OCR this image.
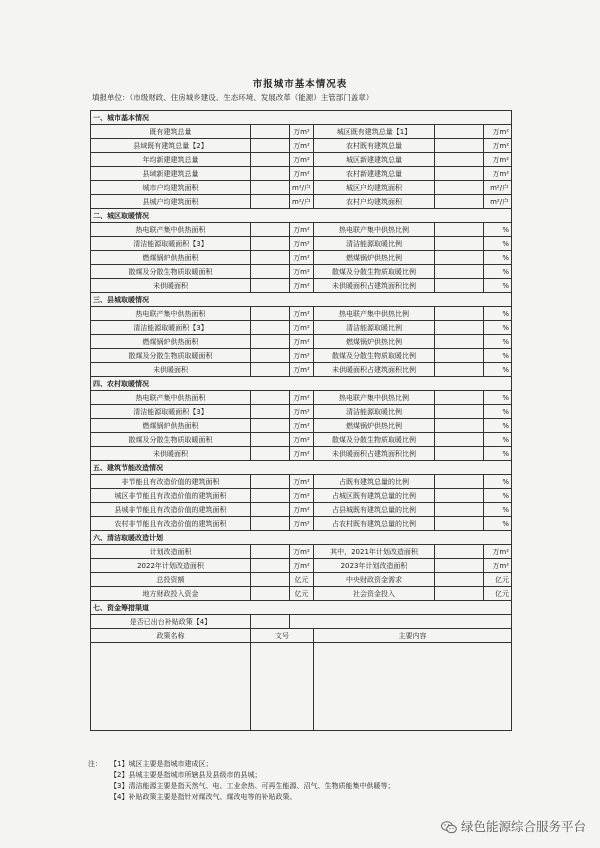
市报城市基本情况表
填报单位：（市级财政、住房城乡建设、生态环境、发展改革（能源）主管部门盖章）
一、城市基本情况					
既有建筑总量		万m²	城区既有建筑总量【1】		万m²
县域既有建筑总量【2】		万m²	农村既有建筑总量		万m²
年均新建建筑总量		万m²	城区新建建筑总量		万m²
县域新建建筑总量		万m²	农村新建建筑总量		万m²
城市户均建筑面积		m²/户	城区户均建筑面积		m²/户
县城户均建筑面积		m²/户	农村户均建筑面积		m²/户
二、城区取暖情况					
热电联产集中供热面积		万m²	热电联产集中供热比例		%
清洁能源取暖面积【3】		万m²	清洁能源取暖比例		%
燃煤锅炉供热面积		万m²	燃煤锅炉供热比例		%
散煤及分散生物质取暖面积		万m²	散煤及分散生物质取暖比例		%
未供暖面积		万m²	未供暖面积占建筑面积比例		%
三、县城取暖情况					
热电联产集中供热面积		万m²	热电联产集中供热比例		%
清洁能源取暖面积【3】		万m²	清洁能源取暖比例		%
燃煤锅炉供热面积		万m²	燃煤锅炉供热比例		%
散煤及分散生物质取暖面积		万m²	散煤及分散生物质取暖比例		%
未供暖面积		万m²	未供暖面积占建筑面积比例		%
四、农村取暖情况					
热电联产集中供热面积		万m²	热电联产集中供热比例		%
清洁能源取暖面积【3】		万m²	清洁能源取暖比例		%
燃煤锅炉供热面积		万m²	燃煤锅炉供热比例		%
散煤及分散生物质取暖面积		万m²	散煤及分散生物质取暖比例		%
未供暖面积		万m²	未供暖面积占建筑面积比例		%
五、建筑节能改造情况					
非节能且有改造价值的建筑面积		万m²	占既有建筑总量的比例		%
城区非节能且有改造价值的建筑面积		万m²	占城区既有建筑总量的比例		%
县城非节能且有改造价值的建筑面积		万m²	占县城既有建筑总量的比例		%
农村非节能且有改造价值的建筑面积		万m²	占农村既有建筑总量的比例		%
六、清洁取暖改造计划					
计划改造面积		万m²	其中，2021年计划改造面积		万m²
2022年计划改造面积		万m²	2023年计划改造面积		万m²
总投资额		亿元	中央财政资金需求		亿元
地方财政投入资金		亿元	社会资金投入		亿元
七、资金筹措渠道					
是否已出台补贴政策【4】					
政策名称	文号		主要内容		

注： 【1】城区主要是指城市建成区；
【2】县城主要是指城市所辖县及县级市的县城；
【3】清洁能源主要是指天然气、电、工业余热、可再生能源、沼气、生物质能集中供暖等；
【4】补贴政策主要是指针对煤改气、煤改电等的补贴政策。
绿色能源综合服务平台
